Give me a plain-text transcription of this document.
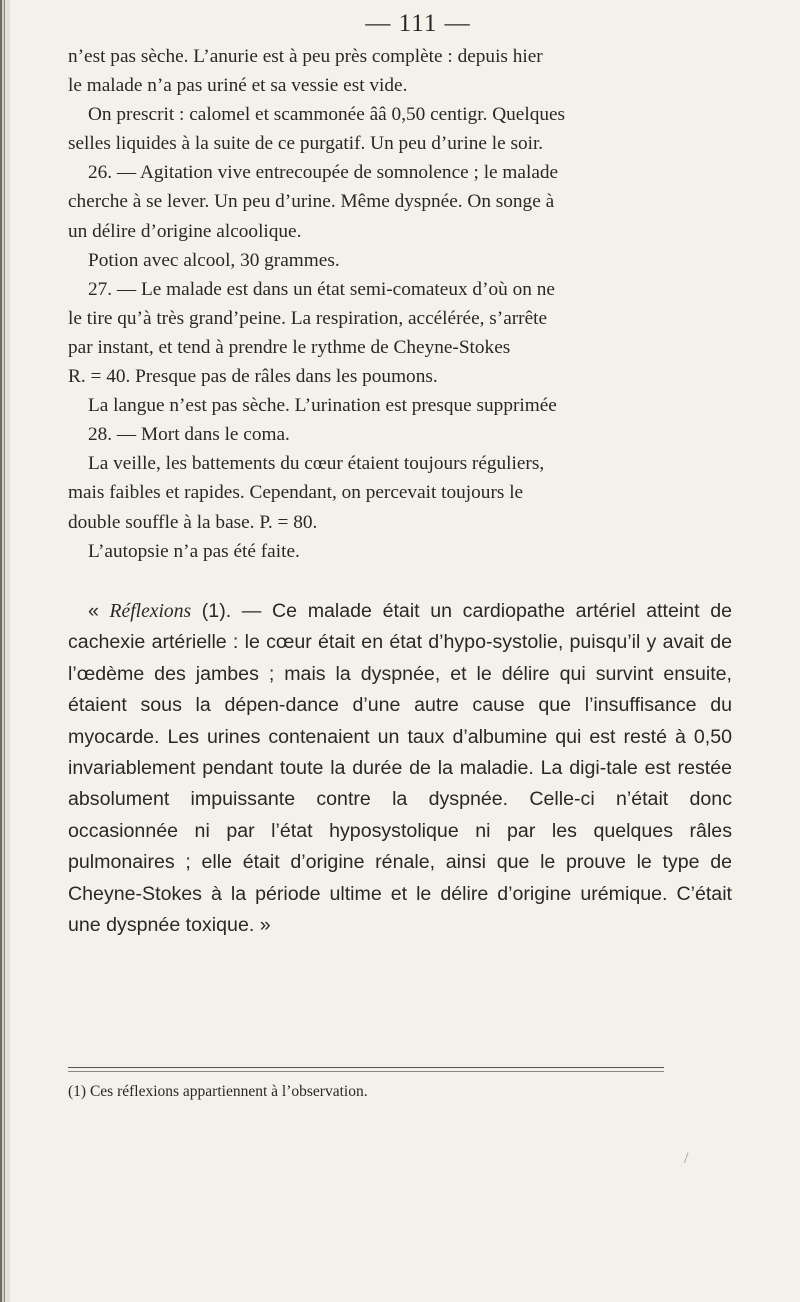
— 111 —

n’est pas sèche. L’anurie est à peu près complète : depuis hier

le malade n’a pas uriné et sa vessie est vide.

On prescrit : calomel et scammonée ââ 0,50 centigr. Quelques

selles liquides à la suite de ce purgatif. Un peu d’urine le soir.

26. — Agitation vive entrecoupée de somnolence ; le malade

cherche à se lever. Un peu d’urine. Même dyspnée. On songe à

un délire d’origine alcoolique.

Potion avec alcool, 30 grammes.

27. — Le malade est dans un état semi-comateux d’où on ne

le tire qu’à très grand’peine. La respiration, accélérée, s’arrête

par instant, et tend à prendre le rythme de Cheyne-Stokes

R. = 40. Presque pas de râles dans les poumons.

La langue n’est pas sèche. L’urination est presque supprimée

28. — Mort dans le coma.

La veille, les battements du cœur étaient toujours réguliers,

mais faibles et rapides. Cependant, on percevait toujours le

double souffle à la base. P. = 80.

L’autopsie n’a pas été faite.

« Réflexions (1). — Ce malade était un cardiopathe artériel atteint de cachexie artérielle : le cœur était en état d’hypo-systolie, puisqu’il y avait de l’œdème des jambes ; mais la dyspnée, et le délire qui survint ensuite, étaient sous la dépen-dance d’une autre cause que l’insuffisance du myocarde. Les urines contenaient un taux d’albumine qui est resté à 0,50 invariablement pendant toute la durée de la maladie. La digi-tale est restée absolument impuissante contre la dyspnée. Celle-ci n’était donc occasionnée ni par l’état hyposystolique ni par les quelques râles pulmonaires ; elle était d’origine rénale, ainsi que le prouve le type de Cheyne-Stokes à la période ultime et le délire d’origine urémique. C’était une dyspnée toxique. »

(1) Ces réflexions appartiennent à l’observation.
/
